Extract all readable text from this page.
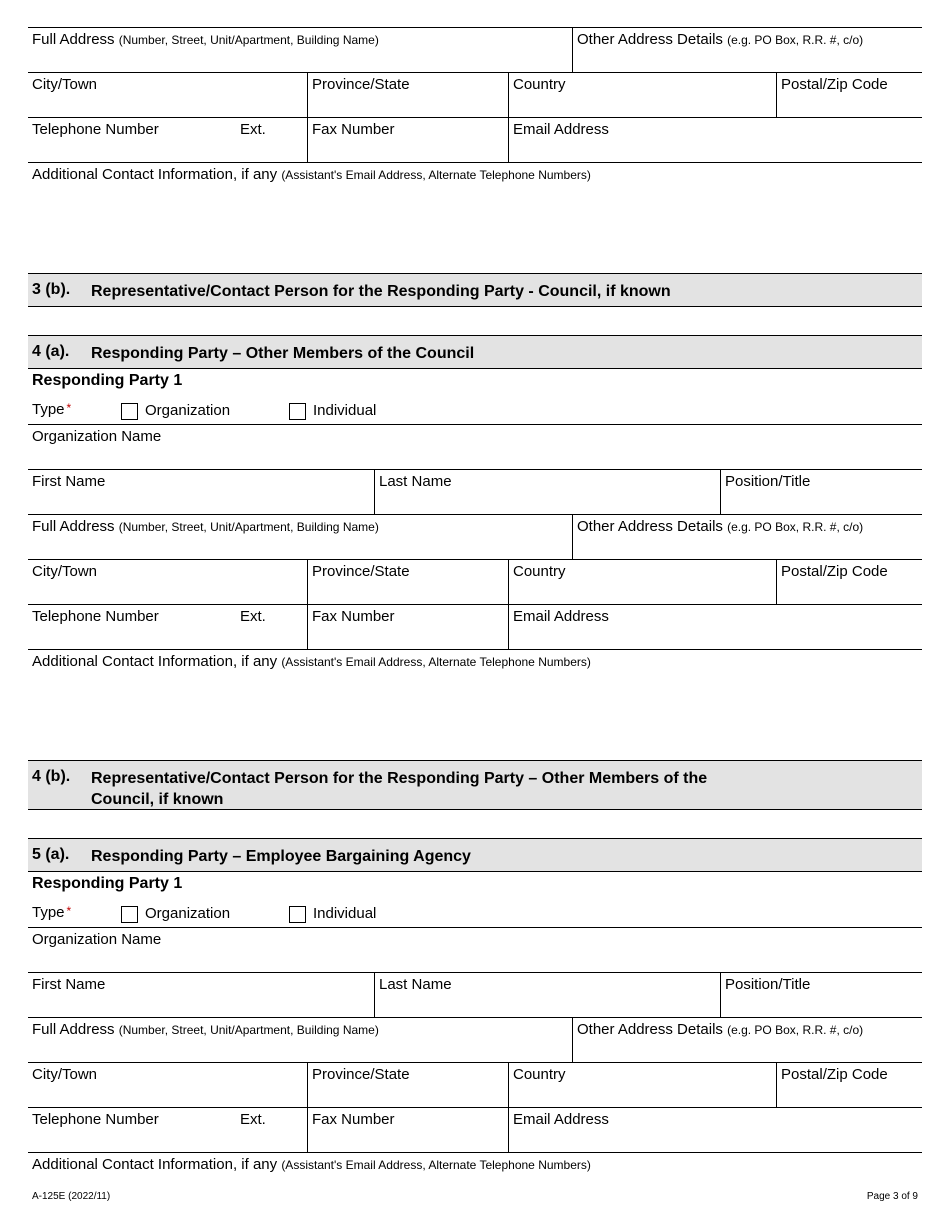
Full Address (Number, Street, Unit/Apartment, Building Name)	Other Address Details (e.g. PO Box, R.R. #, c/o)
City/Town	Province/State	Country	Postal/Zip Code
Telephone Number	Ext.	Fax Number	Email Address
Additional Contact Information, if any (Assistant's Email Address, Alternate Telephone Numbers)
3 (b). Representative/Contact Person for the Responding Party - Council, if known
4 (a). Responding Party – Other Members of the Council
Responding Party 1
Type *	Organization	Individual
Organization Name
First Name	Last Name	Position/Title
Full Address (Number, Street, Unit/Apartment, Building Name)	Other Address Details (e.g. PO Box, R.R. #, c/o)
City/Town	Province/State	Country	Postal/Zip Code
Telephone Number	Ext.	Fax Number	Email Address
Additional Contact Information, if any (Assistant's Email Address, Alternate Telephone Numbers)
4 (b). Representative/Contact Person for the Responding Party – Other Members of the
Council, if known
5 (a). Responding Party – Employee Bargaining Agency
Responding Party 1
Type *	Organization	Individual
Organization Name
First Name	Last Name	Position/Title
Full Address (Number, Street, Unit/Apartment, Building Name)	Other Address Details (e.g. PO Box, R.R. #, c/o)
City/Town	Province/State	Country	Postal/Zip Code
Telephone Number	Ext.	Fax Number	Email Address
Additional Contact Information, if any (Assistant's Email Address, Alternate Telephone Numbers)
A-125E (2022/11)	Page 3 of 9
